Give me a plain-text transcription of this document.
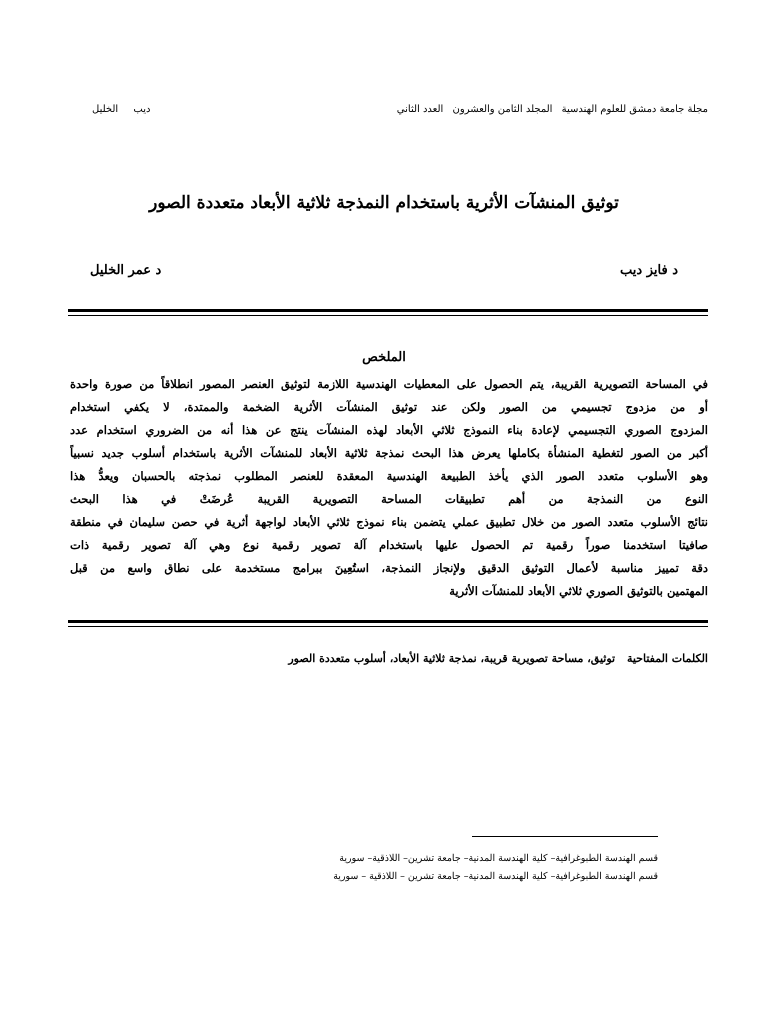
مجلة جامعة دمشق للعلوم الهندسية المجلد الثامن والعشرون العدد الثاني
ديب الخليل
توثيق المنشآت الأثرية باستخدام النمذجة ثلاثية الأبعاد متعددة الصور
د فايز ديب
د عمر الخليل
الملخص
في المساحة التصويرية القريبة، يتم الحصول على المعطيات الهندسية اللازمة لتوثيق العنصر المصور انطلاقاً من صورة واحدة
أو من مزدوج تجسيمي من الصور ولكن عند توثيق المنشآت الأثرية الضخمة والممتدة، لا يكفي استخدام
المزدوج الصوري التجسيمي لإعادة بناء النموذج ثلاثي الأبعاد لهذه المنشآت ينتج عن هذا أنه من الضروري استخدام عدد
أكبر من الصور لتغطية المنشأة بكاملها يعرض هذا البحث نمذجة ثلاثية الأبعاد للمنشآت الأثرية باستخدام أسلوب جديد نسبياً
وهو الأسلوب متعدد الصور الذي يأخذ الطبيعة الهندسية المعقدة للعنصر المطلوب نمذجته بالحسبان ويعدُّ هذا
النوع من النمذجة من أهم تطبيقات المساحة التصويرية القريبة عُرضَتْ في هذا البحث
نتائج الأسلوب متعدد الصور من خلال تطبيق عملي يتضمن بناء نموذج ثلاثي الأبعاد لواجهة أثرية في حصن سليمان في منطقة
صافيتا استخدمنا صوراً رقمية تم الحصول عليها باستخدام آلة تصوير رقمية نوع وهي آلة تصوير رقمية ذات
دقة تمييز مناسبة لأعمال التوثيق الدقيق ولإنجاز النمذجة، استُعِينَ ببرامج مستخدمة على نطاق واسع من قبل
المهتمين بالتوثيق الصوري ثلاثي الأبعاد للمنشآت الأثرية
الكلمات المفتاحية توثيق، مساحة تصويرية قريبة، نمذجة ثلاثية الأبعاد، أسلوب متعددة الصور
قسم الهندسة الطبوغرافية– كلية الهندسة المدنية– جامعة تشرين– اللاذقية– سورية
قسم الهندسة الطبوغرافية– كلية الهندسة المدنية– جامعة تشرين – اللاذقية – سورية
